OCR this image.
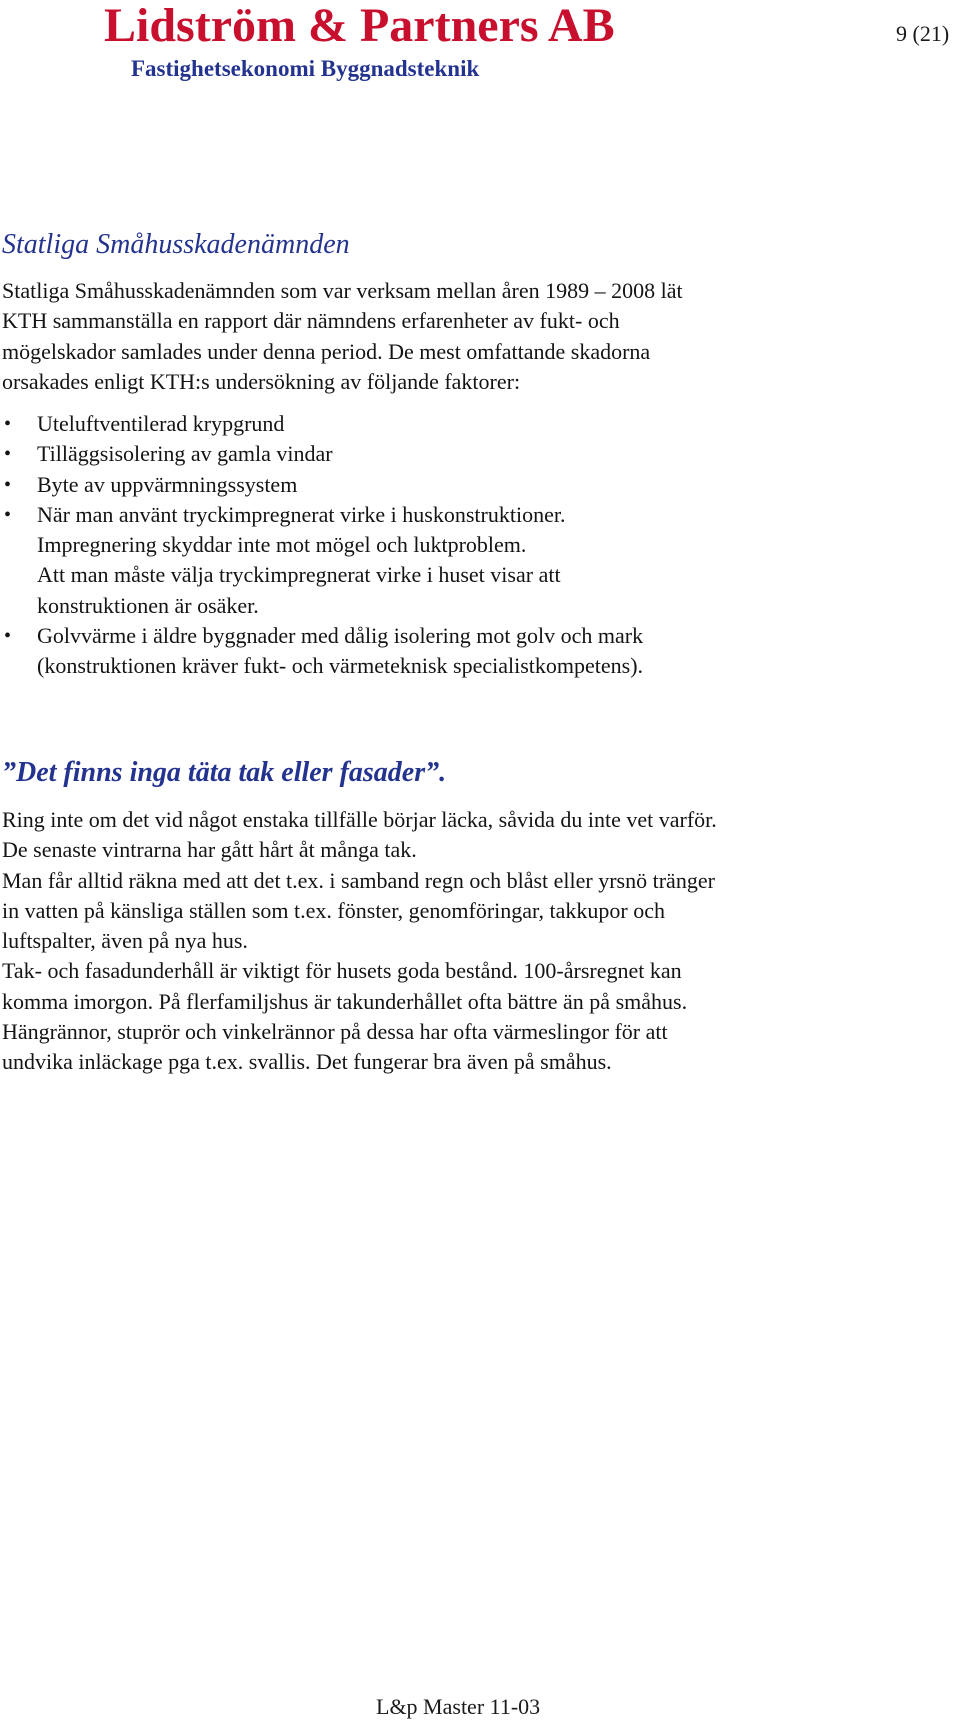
Lidström & Partners AB
Fastighetsekonomi Byggnadsteknik
9 (21)
Statliga Småhusskadenämnden
Statliga Småhusskadenämnden som var verksam mellan åren 1989 – 2008 lät
KTH sammanställa en rapport där nämndens erfarenheter av fukt- och
mögelskador samlades under denna period. De mest omfattande skadorna
orsakades enligt KTH:s undersökning av följande faktorer:
• Uteluftventilerad krypgrund
• Tilläggsisolering av gamla vindar
• Byte av uppvärmningssystem
• När man använt tryckimpregnerat virke i huskonstruktioner.
Impregnering skyddar inte mot mögel och luktproblem.
Att man måste välja tryckimpregnerat virke i huset visar att
konstruktionen är osäker.
• Golvvärme i äldre byggnader med dålig isolering mot golv och mark
(konstruktionen kräver fukt- och värmeteknisk specialistkompetens).
”Det finns inga täta tak eller fasader”.
Ring inte om det vid något enstaka tillfälle börjar läcka, såvida du inte vet varför.
De senaste vintrarna har gått hårt åt många tak.
Man får alltid räkna med att det t.ex. i samband regn och blåst eller yrsnö tränger
in vatten på känsliga ställen som t.ex. fönster, genomföringar, takkupor och
luftspalter, även på nya hus.
Tak- och fasadunderhåll är viktigt för husets goda bestånd. 100-årsregnet kan
komma imorgon. På flerfamiljshus är takunderhållet ofta bättre än på småhus.
Hängrännor, stuprör och vinkelrännor på dessa har ofta värmeslingor för att
undvika inläckage pga t.ex. svallis. Det fungerar bra även på småhus.
L&p Master 11-03
